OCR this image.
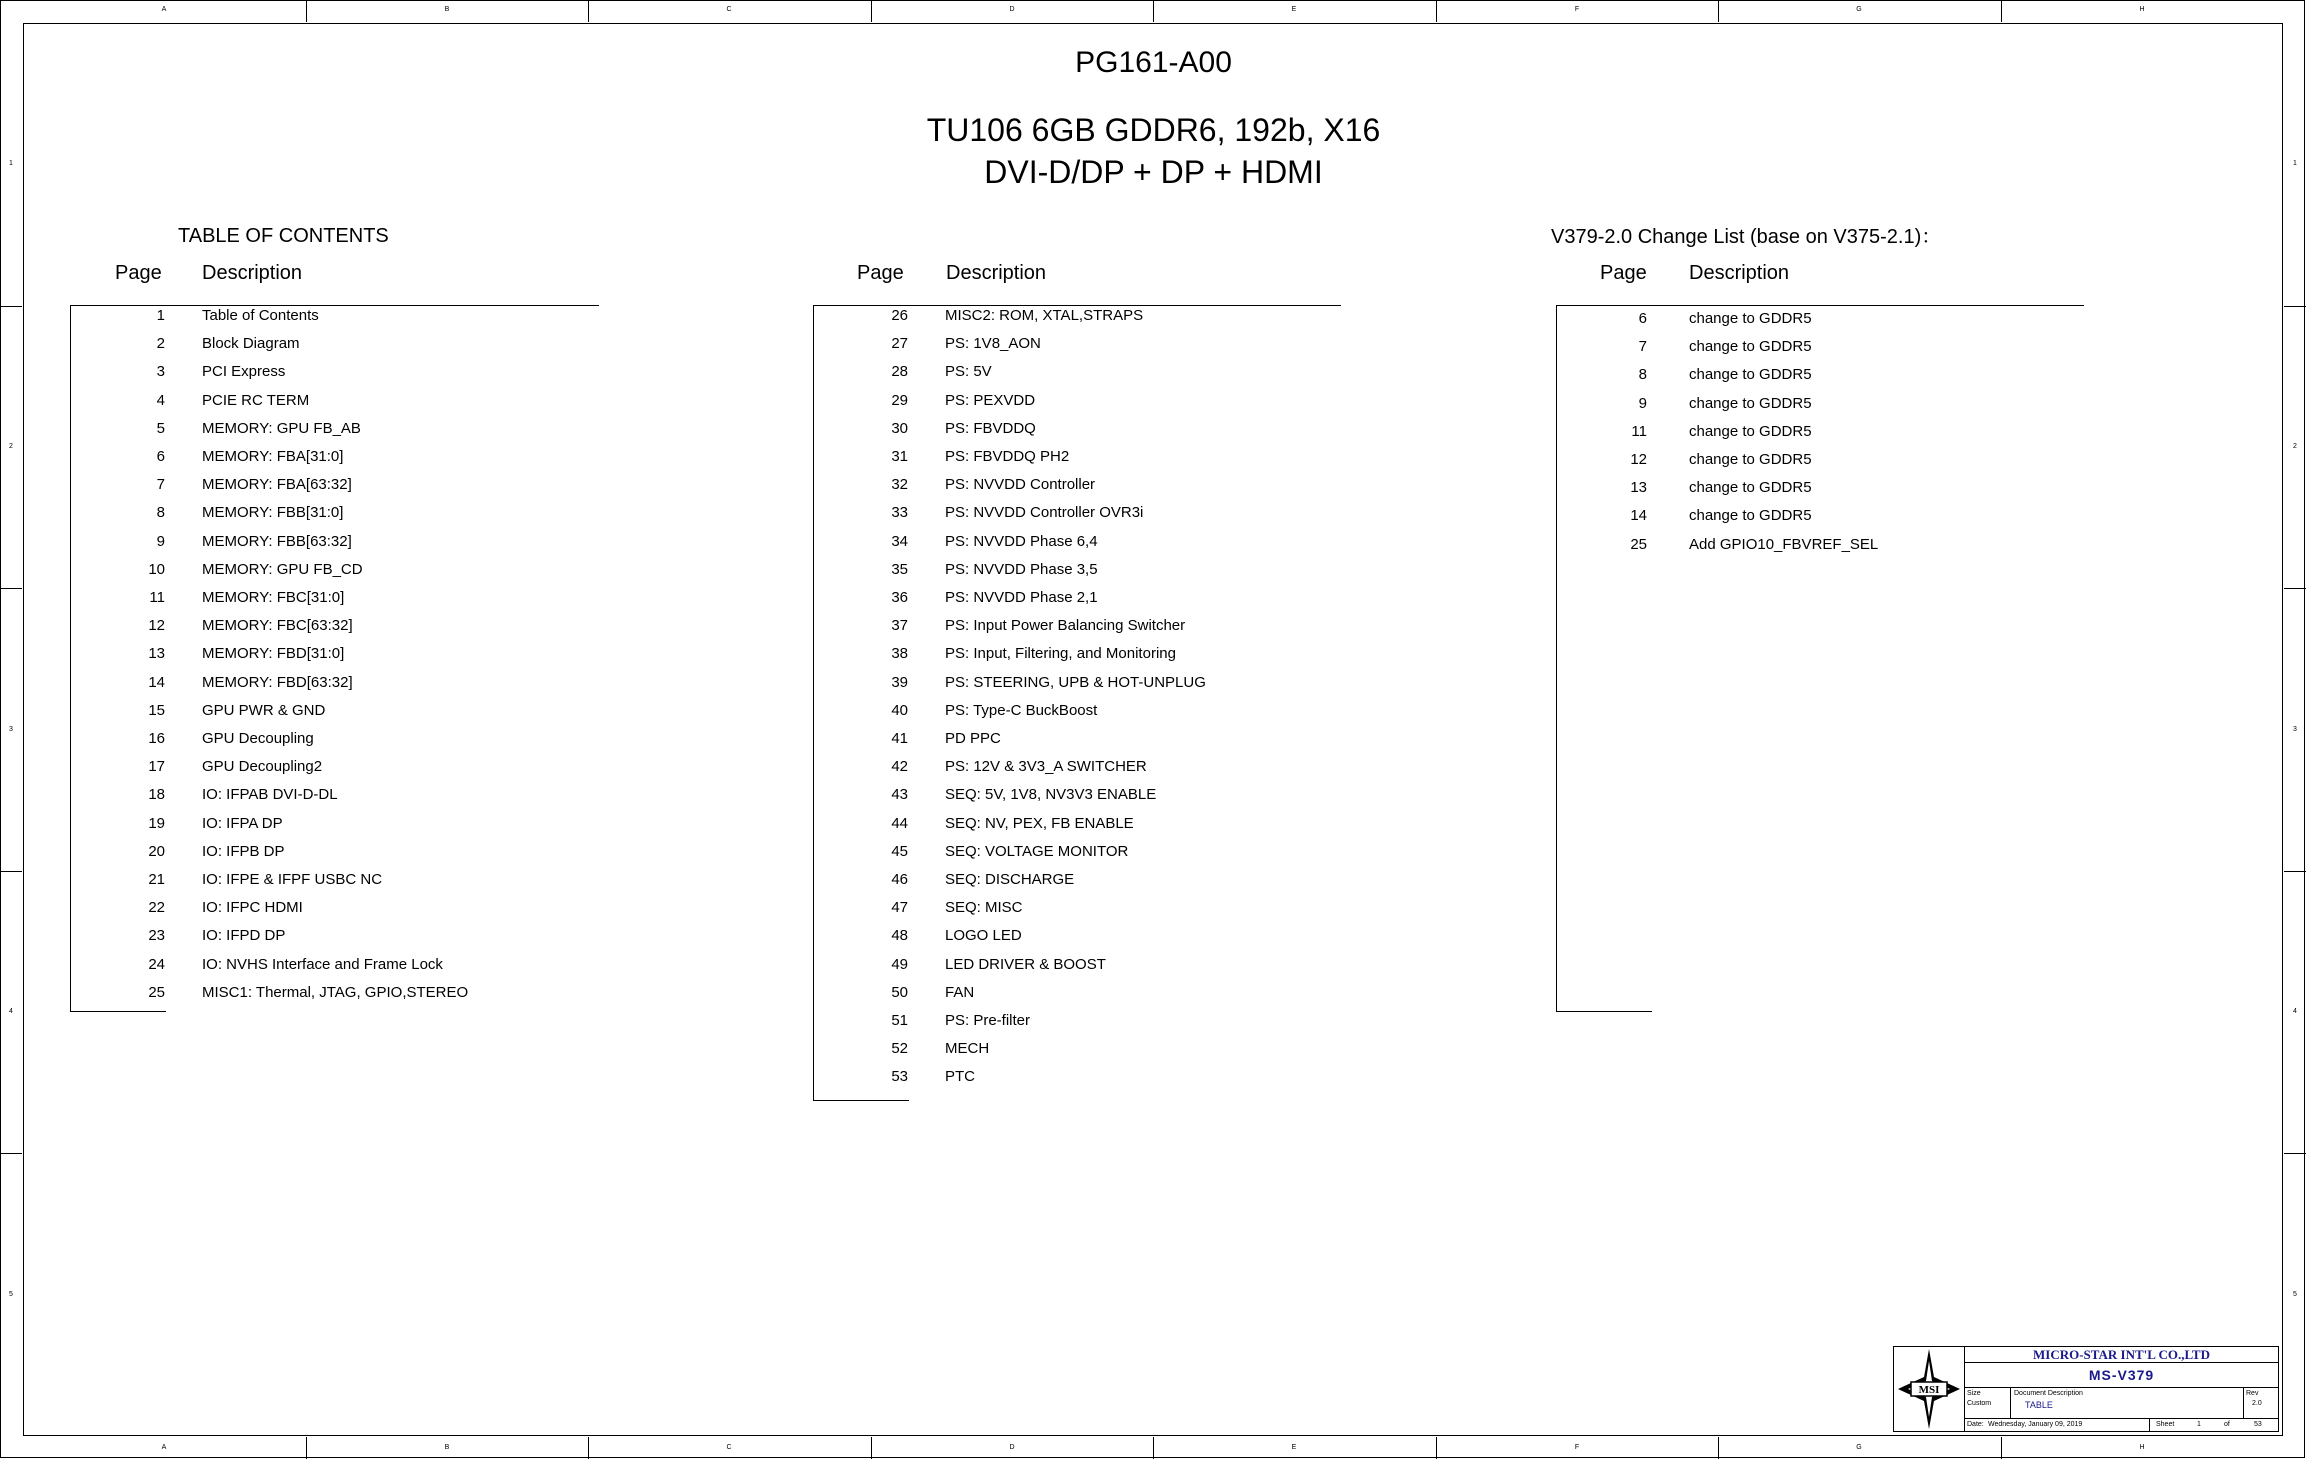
A
A
B
B
C
C
D
D
E
E
F
F
G
G
H
H
1	1
2	2
3	3
4	4
5	5
PG161-A00
TU106 6GB GDDR6, 192b, X16
DVI-D/DP + DP + HDMI
TABLE OF CONTENTS
Page Description
1 Table of Contents
2 Block Diagram
3 PCI Express
4 PCIE RC TERM
5 MEMORY: GPU FB_AB
6 MEMORY: FBA[31:0]
7 MEMORY: FBA[63:32]
8 MEMORY: FBB[31:0]
9 MEMORY: FBB[63:32]
10 MEMORY: GPU FB_CD
11 MEMORY: FBC[31:0]
12 MEMORY: FBC[63:32]
13 MEMORY: FBD[31:0]
14 MEMORY: FBD[63:32]
15 GPU PWR & GND
16 GPU Decoupling
17 GPU Decoupling2
18 IO: IFPAB DVI-D-DL
19 IO: IFPA DP
20 IO: IFPB DP
21 IO: IFPE & IFPF USBC NC
22 IO: IFPC HDMI
23 IO: IFPD DP
24 IO: NVHS Interface and Frame Lock
25 MISC1: Thermal, JTAG, GPIO,STEREO
Page Description
26 MISC2: ROM, XTAL,STRAPS
27 PS: 1V8_AON
28 PS: 5V
29 PS: PEXVDD
30 PS: FBVDDQ
31 PS: FBVDDQ PH2
32 PS: NVVDD Controller
33 PS: NVVDD Controller OVR3i
34 PS: NVVDD Phase 6,4
35 PS: NVVDD Phase 3,5
36 PS: NVVDD Phase 2,1
37 PS: Input Power Balancing Switcher
38 PS: Input, Filtering, and Monitoring
39 PS: STEERING, UPB & HOT-UNPLUG
40 PS: Type-C BuckBoost
41 PD PPC
42 PS: 12V & 3V3_A SWITCHER
43 SEQ: 5V, 1V8, NV3V3 ENABLE
44 SEQ: NV, PEX, FB ENABLE
45 SEQ: VOLTAGE MONITOR
46 SEQ: DISCHARGE
47 SEQ: MISC
48 LOGO LED
49 LED DRIVER & BOOST
50 FAN
51 PS: Pre-filter
52 MECH
53 PTC
V379-2.0 Change List (base on V375-2.1)：
Page Description
6	change to GDDR5
7	change to GDDR5
8	change to GDDR5
9	change to GDDR5
11	change to GDDR5
12	change to GDDR5
13	change to GDDR5
14	change to GDDR5
25	Add GPIO10_FBVREF_SEL
MSI
MICRO-STAR INT'L CO.,LTD
MS-V379
Size
Custom
Document Description
TABLE
Rev
2.0
Date: Wednesday, January 09, 2019	Sheet	1	of	53
